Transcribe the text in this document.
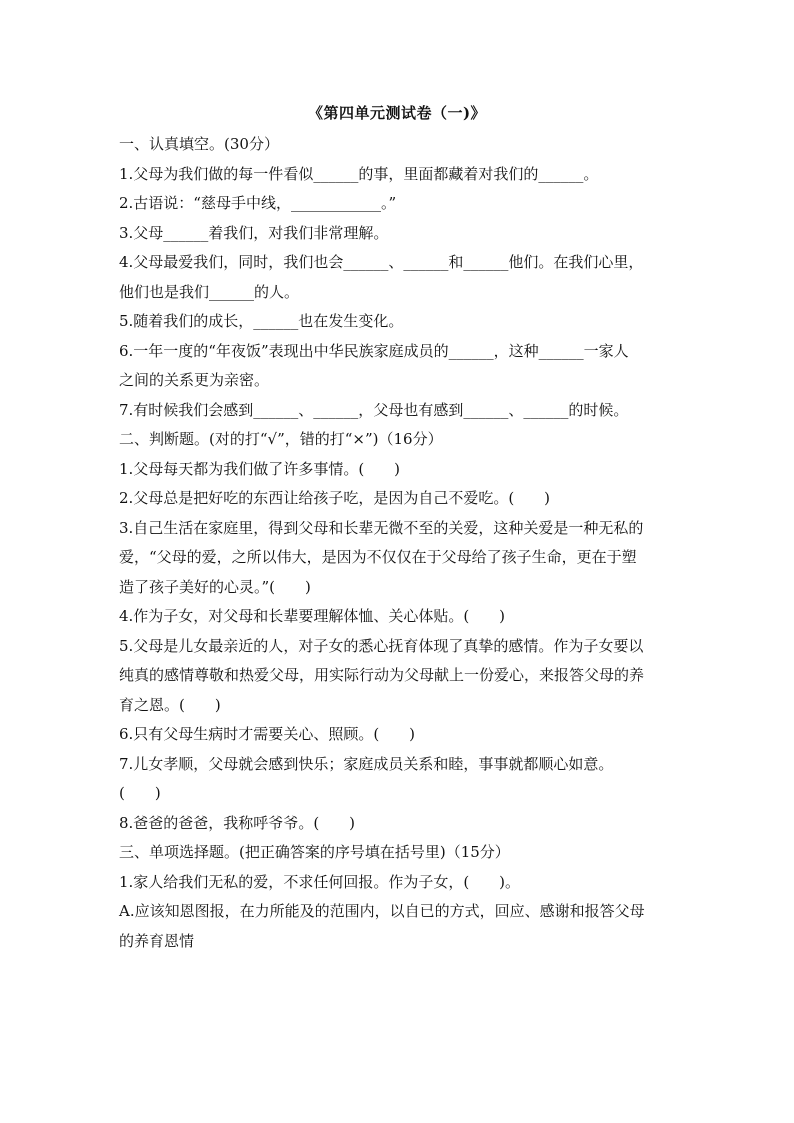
《第四单元测试卷（一)》
一、认真填空。(30分）
1.父母为我们做的每一件看似______的事，里面都藏着对我们的______。
2.古语说：“慈母手中线，____________。”
3.父母______着我们，对我们非常理解。
4.父母最爱我们，同时，我们也会______、______和______他们。在我们心里，
他们也是我们______的人。
5.随着我们的成长，______也在发生变化。
6.一年一度的“年夜饭”表现出中华民族家庭成员的______，这种______一家人
之间的关系更为亲密。
7.有时候我们会感到______、______，父母也有感到______、______的时候。
二、判断题。(对的打“√”，错的打“×”)（16分）
1.父母每天都为我们做了许多事情。(　　)
2.父母总是把好吃的东西让给孩子吃，是因为自己不爱吃。(　　)
3.自己生活在家庭里，得到父母和长辈无微不至的关爱，这种关爱是一种无私的
爱，“父母的爱，之所以伟大，是因为不仅仅在于父母给了孩子生命，更在于塑
造了孩子美好的心灵。”(　　)
4.作为子女，对父母和长辈要理解体恤、关心体贴。(　　)
5.父母是儿女最亲近的人，对子女的悉心抚育体现了真挚的感情。作为子女要以
纯真的感情尊敬和热爱父母，用实际行动为父母献上一份爱心，来报答父母的养
育之恩。(　　)
6.只有父母生病时才需要关心、照顾。(　　)
7.儿女孝顺，父母就会感到快乐；家庭成员关系和睦，事事就都顺心如意。
(　　)
8.爸爸的爸爸，我称呼爷爷。(　　)
三、单项选择题。(把正确答案的序号填在括号里)（15分）
1.家人给我们无私的爱，不求任何回报。作为子女，(　　)。
A.应该知恩图报，在力所能及的范围内，以自已的方式，回应、感谢和报答父母
的养育恩情
